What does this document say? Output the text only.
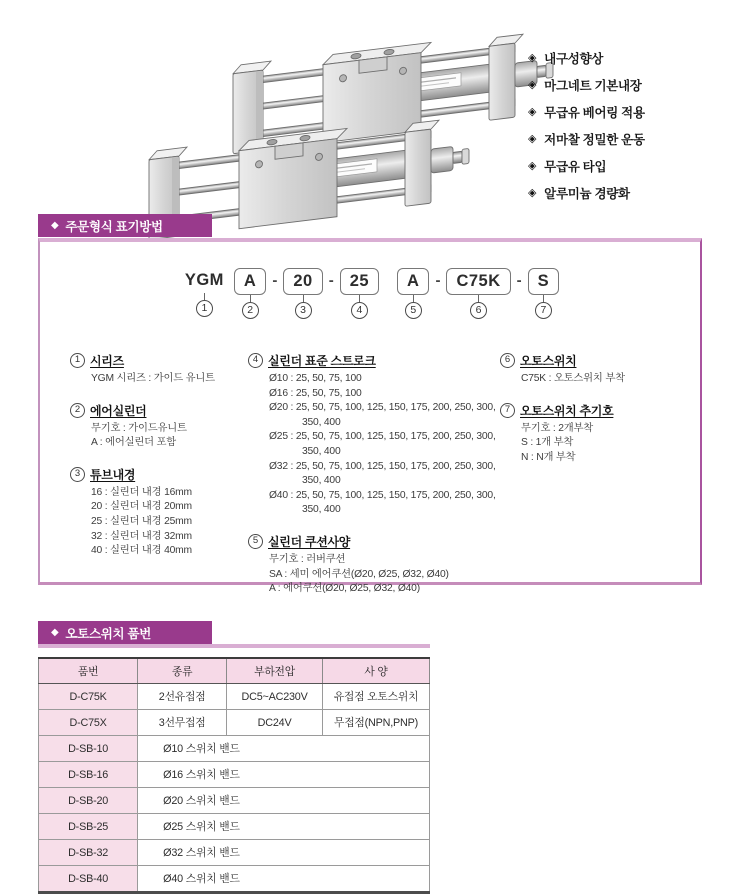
◈ 내구성향상
◈ 마그네트 기본내장
◈ 무급유 베어링 적용
◈ 저마찰 정밀한 운동
◈ 무급유 타입
◈ 알루미늄 경량화
◆ 주문형식 표기방법
YGM
1
A
2
- 20
3
- 25
4
A
5
- C75K
6
- S
7
1 시리즈
YGM 시리즈 : 가이드 유니트
2 에어실린더
무기호 : 가이드유니트
A : 에어실린더 포함
3 튜브내경
16 : 실린더 내경 16mm
20 : 실린더 내경 20mm
25 : 실린더 내경 25mm
32 : 실린더 내경 32mm
40 : 실린더 내경 40mm
4 실린더 표준 스트로크
Ø10 : 25, 50, 75, 100
Ø16 : 25, 50, 75, 100
Ø20 : 25, 50, 75, 100, 125, 150, 175, 200, 250, 300, 350, 400
Ø25 : 25, 50, 75, 100, 125, 150, 175, 200, 250, 300, 350, 400
Ø32 : 25, 50, 75, 100, 125, 150, 175, 200, 250, 300, 350, 400
Ø40 : 25, 50, 75, 100, 125, 150, 175, 200, 250, 300, 350, 400
5 실린더 쿠션사양
무기호 : 러버쿠션
SA : 세미 에어쿠션(Ø20, Ø25, Ø32, Ø40)
A : 에어쿠션(Ø20, Ø25, Ø32, Ø40)
6 오토스위치
C75K : 오토스위치 부착
7 오토스위치 추기호
무기호 : 2개부착
S : 1개 부착
N : N개 부착
◆ 오토스위치 품번
품번	종류	부하전압	사 양
D-C75K	2선유접점	DC5~AC230V	유접점 오토스위치
D-C75X	3선무접점	DC24V	무접점(NPN,PNP)
D-SB-10	Ø10 스위치 밴드		
D-SB-16	Ø16 스위치 밴드		
D-SB-20	Ø20 스위치 밴드		
D-SB-25	Ø25 스위치 밴드		
D-SB-32	Ø32 스위치 밴드		
D-SB-40	Ø40 스위치 밴드		
